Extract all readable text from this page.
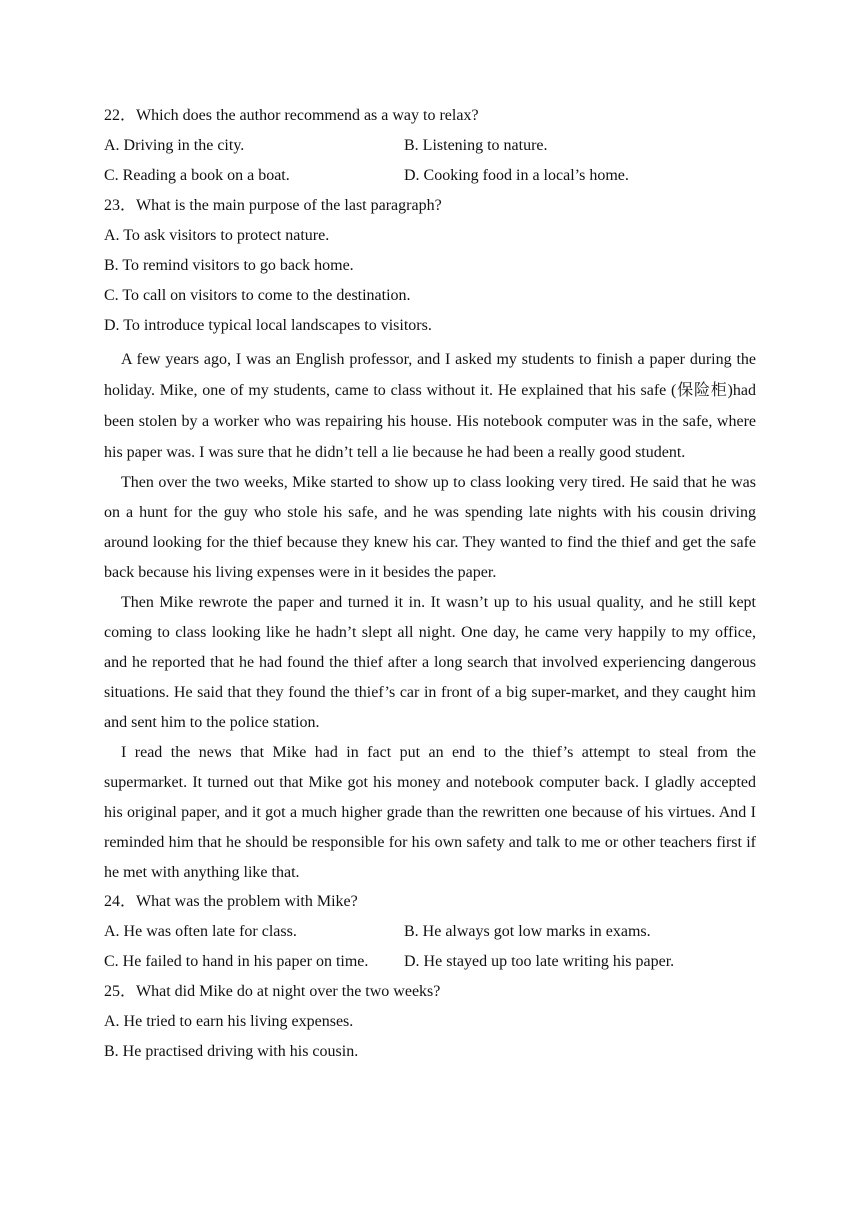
22．Which does the author recommend as a way to relax?

A. Driving in the city.	B. Listening to nature.
C. Reading a book on a boat.	D. Cooking food in a local’s home.

23．What is the main purpose of the last paragraph?

A. To ask visitors to protect nature.

B. To remind visitors to go back home.

C. To call on visitors to come to the destination.

D. To introduce typical local landscapes to visitors.

A few years ago, I was an English professor, and I asked my students to finish a paper during the holiday. Mike, one of my students, came to class without it. He explained that his safe (保险柜)had been stolen by a worker who was repairing his house. His notebook computer was in the safe, where his paper was. I was sure that he didn’t tell a lie because he had been a really good student.

Then over the two weeks, Mike started to show up to class looking very tired. He said that he was on a hunt for the guy who stole his safe, and he was spending late nights with his cousin driving around looking for the thief because they knew his car. They wanted to find the thief and get the safe back because his living expenses were in it besides the paper.

Then Mike rewrote the paper and turned it in. It wasn’t up to his usual quality, and he still kept coming to class looking like he hadn’t slept all night. One day, he came very happily to my office, and he reported that he had found the thief after a long search that involved experiencing dangerous situations. He said that they found the thief’s car in front of a big super-market, and they caught him and sent him to the police station.

I read the news that Mike had in fact put an end to the thief’s attempt to steal from the supermarket. It turned out that Mike got his money and notebook computer back. I gladly accepted his original paper, and it got a much higher grade than the rewritten one because of his virtues. And I reminded him that he should be responsible for his own safety and talk to me or other teachers first if he met with anything like that.

24．What was the problem with Mike?

A. He was often late for class.	B. He always got low marks in exams.
C. He failed to hand in his paper on time.	D. He stayed up too late writing his paper.

25．What did Mike do at night over the two weeks?

A. He tried to earn his living expenses.

B. He practised driving with his cousin.
